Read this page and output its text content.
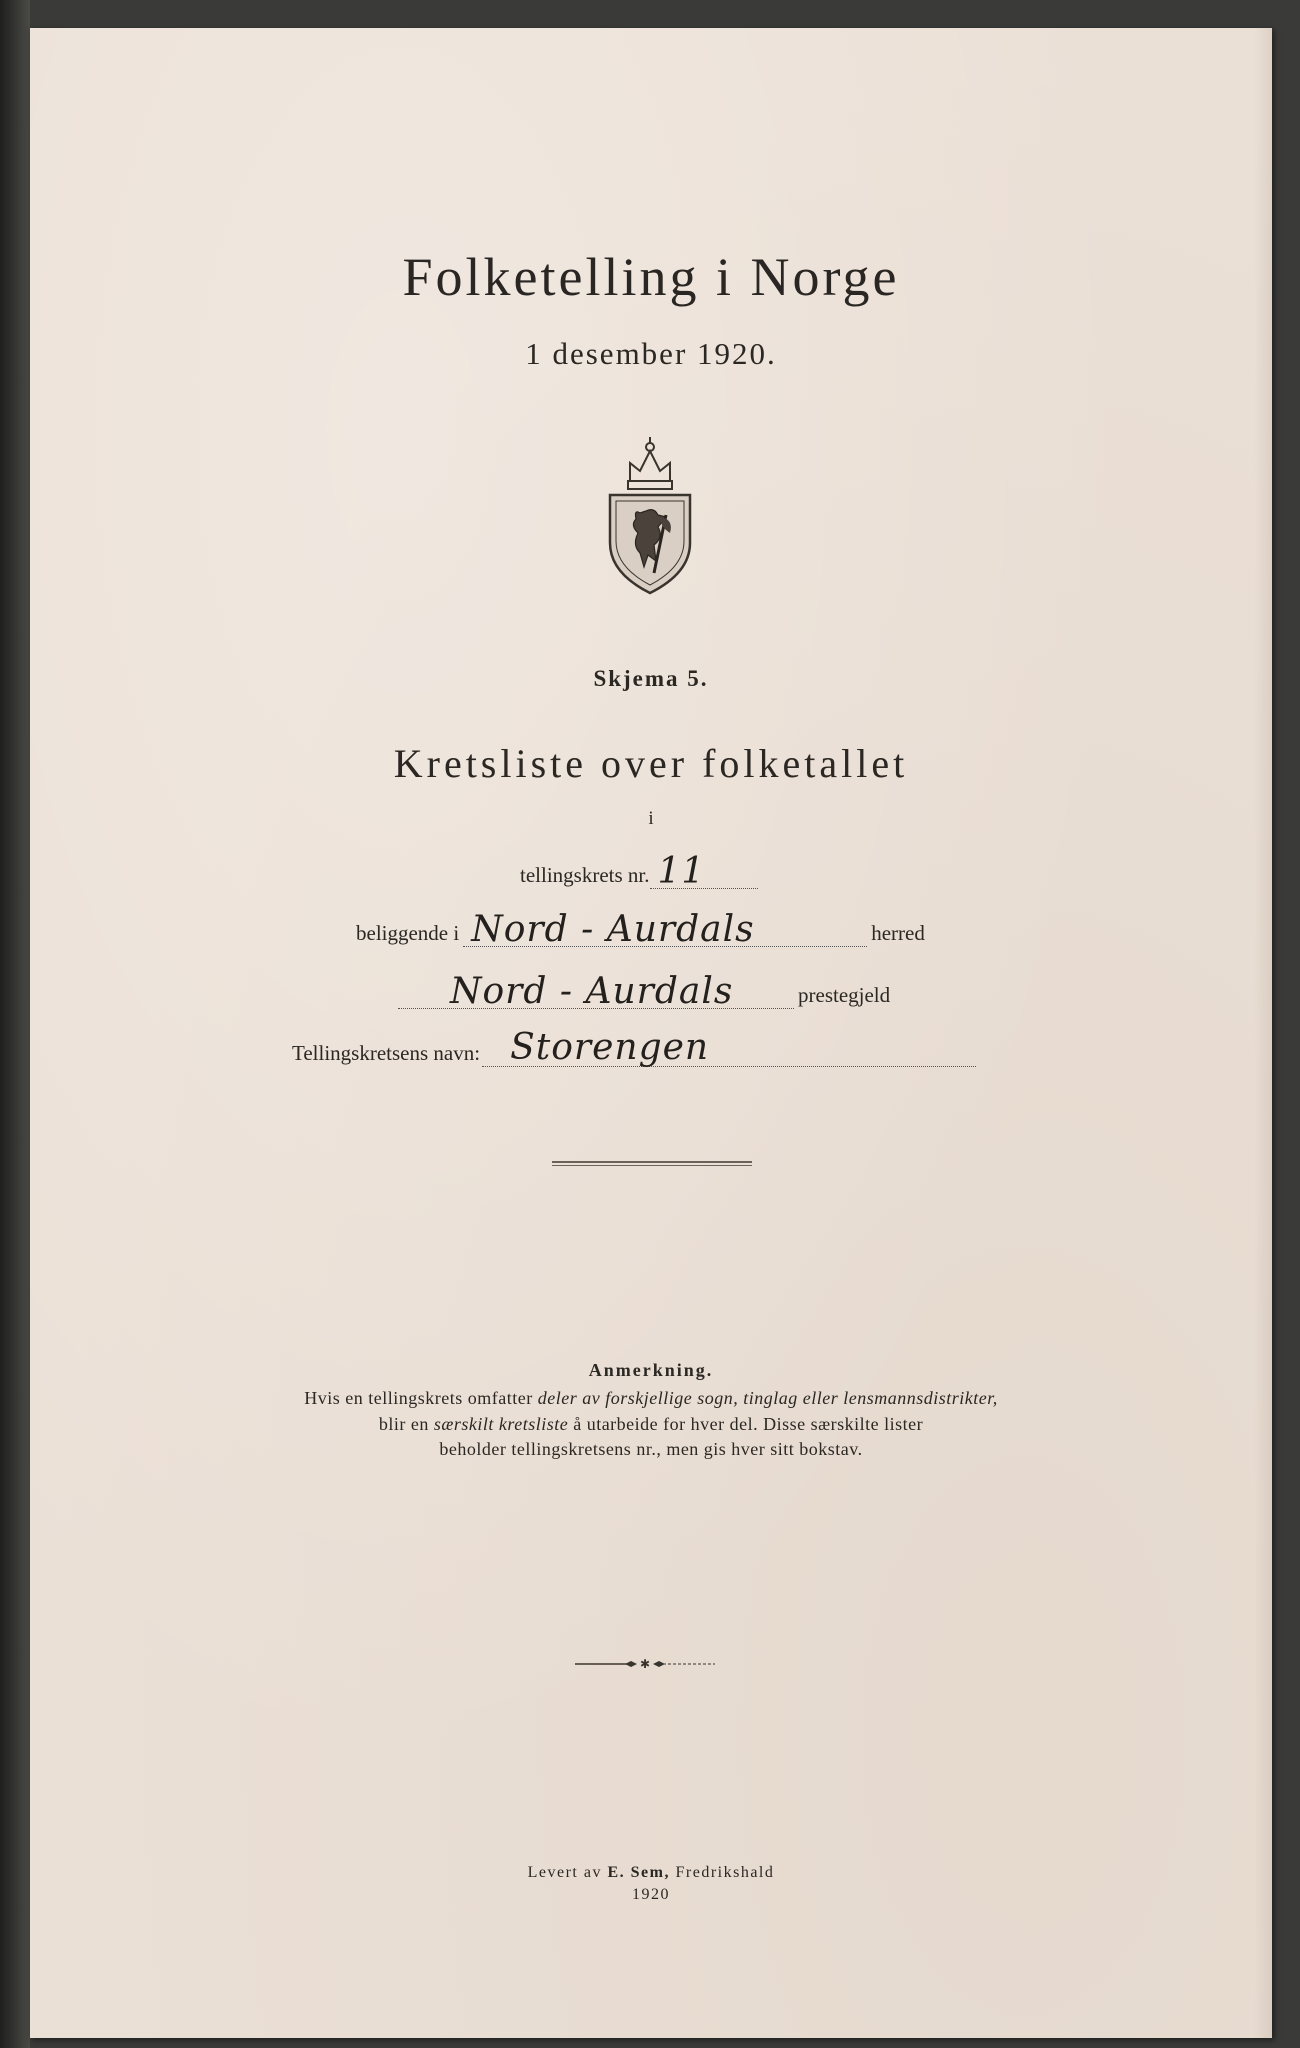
Folketelling i Norge
1 desember 1920.
Skjema 5.
Kretsliste over folketallet
i
tellingskrets nr. 11
beliggende i Nord - Aurdals	herred
Nord - Aurdals	prestegjeld
Tellingskretsens navn: Storengen
Anmerkning.
Hvis en tellingskrets omfatter deler av forskjellige sogn, tinglag eller lensmannsdistrikter,
blir en særskilt kretsliste å utarbeide for hver del. Disse særskilte lister
beholder tellingskretsens nr., men gis hver sitt bokstav.
✱
Levert av E. Sem, Fredrikshald
1920
